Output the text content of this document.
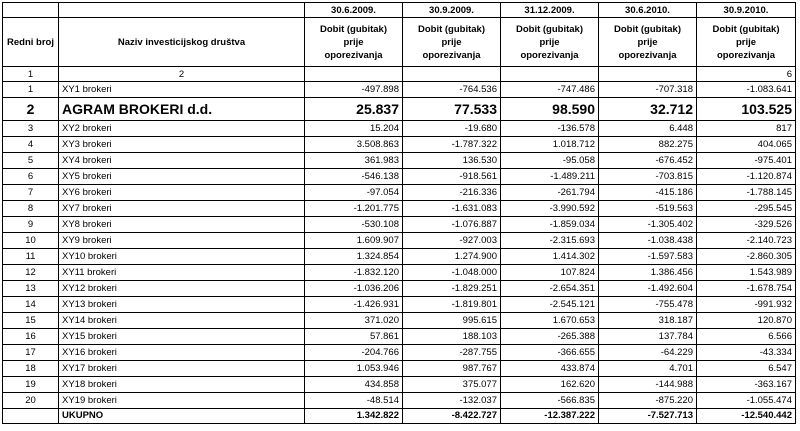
		30.6.2009.	30.9.2009.	31.12.2009.	30.6.2010.	30.9.2010.
Redni broj	Naziv investicijskog društva	Dobit (gubitak)
prije
oporezivanja	Dobit (gubitak)
prije
oporezivanja	Dobit (gubitak)
prije
oporezivanja	Dobit (gubitak)
prije
oporezivanja	Dobit (gubitak)
prije
oporezivanja

1	2					6
1	XY1 brokeri	-497.898	-764.536	-747.486	-707.318	-1.083.641
2	AGRAM BROKERI d.d.	25.837	77.533	98.590	32.712	103.525
3	XY2 brokeri	15.204	-19.680	-136.578	6.448	817
4	XY3 brokeri	3.508.863	-1.787.322	1.018.712	882.275	404.065
5	XY4 brokeri	361.983	136.530	-95.058	-676.452	-975.401
6	XY5 brokeri	-546.138	-918.561	-1.489.211	-703.815	-1.120.874
7	XY6 brokeri	-97.054	-216.336	-261.794	-415.186	-1.788.145
8	XY7 brokeri	-1.201.775	-1.631.083	-3.990.592	-519.563	-295.545
9	XY8 brokeri	-530.108	-1.076.887	-1.859.034	-1.305.402	-329.526
10	XY9 brokeri	1.609.907	-927.003	-2.315.693	-1.038.438	-2.140.723
11	XY10 brokeri	1.324.854	1.274.900	1.414.302	-1.597.583	-2.860.305
12	XY11 brokeri	-1.832.120	-1.048.000	107.824	1.386.456	1.543.989
13	XY12 brokeri	-1.036.206	-1.829.251	-2.654.351	-1.492.604	-1.678.754
14	XY13 brokeri	-1.426.931	-1.819.801	-2.545.121	-755.478	-991.932
15	XY14 brokeri	371.020	995.615	1.670.653	318.187	120.870
16	XY15 brokeri	57.861	188.103	-265.388	137.784	6.566
17	XY16 brokeri	-204.766	-287.755	-366.655	-64.229	-43.334
18	XY17 brokeri	1.053.946	987.767	433.874	4.701	6.547
19	XY18 brokeri	434.858	375.077	162.620	-144.988	-363.167
20	XY19 brokeri	-48.514	-132.037	-566.835	-875.220	-1.055.474
	UKUPNO	1.342.822	-8.422.727	-12.387.222	-7.527.713	-12.540.442
